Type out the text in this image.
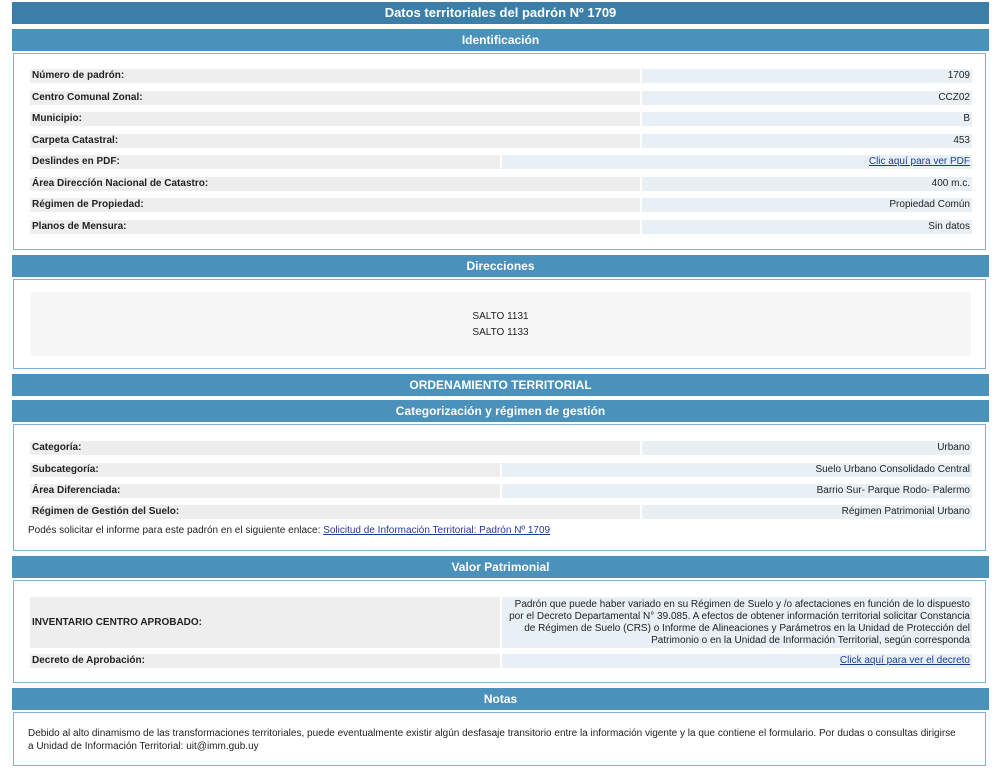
Datos territoriales del padrón Nº 1709
Identificación
Número de padrón:	1709
Centro Comunal Zonal:	CCZ02
Municipio:	B
Carpeta Catastral:	453
Deslindes en PDF:	Clic aquí para ver PDF
Área Dirección Nacional de Catastro:	400 m.c.
Régimen de Propiedad:	Propiedad Común
Planos de Mensura:	Sin datos
Direcciones
SALTO 1131
SALTO 1133
ORDENAMIENTO TERRITORIAL
Categorización y régimen de gestión
Categoría:	Urbano
Subcategoría:	Suelo Urbano Consolidado Central
Área Diferenciada:	Barrio Sur- Parque Rodo- Palermo
Régimen de Gestión del Suelo:	Régimen Patrimonial Urbano
Podés solicitar el informe para este padrón en el siguiente enlace: Solicitud de Información Territorial: Padrón Nº 1709
Valor Patrimonial
INVENTARIO CENTRO APROBADO:
Padrón que puede haber variado en su Régimen de Suelo y /o afectaciones en función de lo dispuesto por el Decreto Departamental N° 39.085. A efectos de obtener información territorial solicitar Constancia de Régimen de Suelo (CRS) o Informe de Alineaciones y Parámetros en la Unidad de Protección del Patrimonio o en la Unidad de Información Territorial, según corresponda
Decreto de Aprobación:	Click aquí para ver el decreto
Notas
Debido al alto dinamismo de las transformaciones territoriales, puede eventualmente existir algún desfasaje transitorio entre la información vigente y la que contiene el formulario. Por dudas o consultas dirigirse a Unidad de Información Territorial: uit@imm.gub.uy
